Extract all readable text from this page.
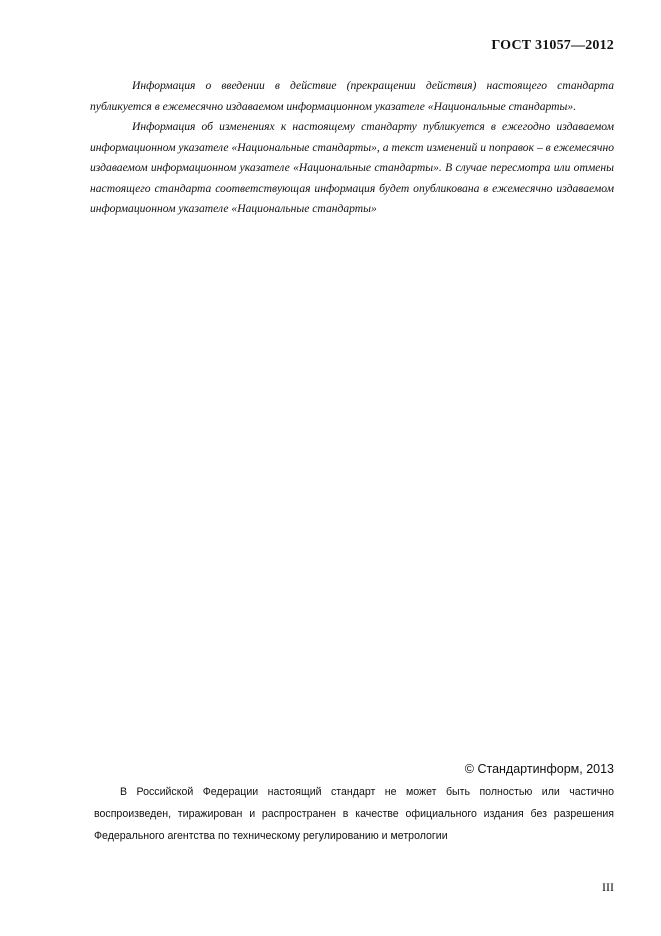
ГОСТ 31057—2012

Информация о введении в действие (прекращении действия) настоящего стандарта публикуется в ежемесячно издаваемом информационном указателе «Национальные стандарты».

Информация об изменениях к настоящему стандарту публикуется в ежегодно издаваемом информационном указателе «Национальные стандарты», а текст изменений и поправок – в ежемесячно издаваемом информационном указателе «Национальные стандарты». В случае пересмотра или отмены настоящего стандарта соответствующая информация будет опубликована в ежемесячно издаваемом информационном указателе «Национальные стандарты»

© Стандартинформ, 2013

В Российской Федерации настоящий стандарт не может быть полностью или частично воспроизведен, тиражирован и распространен в качестве официального издания без разрешения Федерального агентства по техническому регулированию и метрологии

III
